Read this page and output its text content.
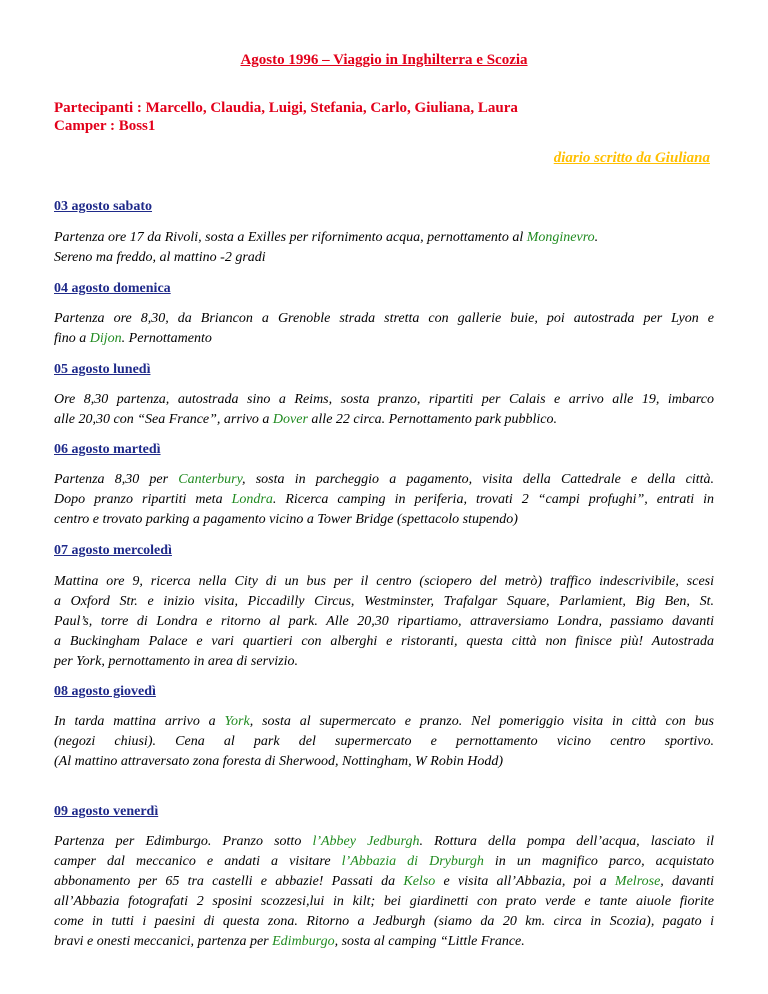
Agosto 1996 – Viaggio in Inghilterra e Scozia
Partecipanti : Marcello, Claudia, Luigi, Stefania, Carlo, Giuliana, Laura
Camper : Boss1
diario scritto da Giuliana
03 agosto sabato
Partenza ore 17 da Rivoli, sosta a Exilles per rifornimento acqua, pernottamento al Monginevro.
Sereno ma freddo, al mattino -2 gradi
04 agosto domenica
Partenza ore 8,30, da Briancon a Grenoble strada stretta con gallerie buie, poi autostrada per Lyon e
fino a Dijon. Pernottamento
05 agosto lunedì
Ore 8,30 partenza, autostrada sino a Reims, sosta pranzo, ripartiti per Calais e arrivo alle 19, imbarco
alle 20,30 con “Sea France”, arrivo a Dover alle 22 circa. Pernottamento park pubblico.
06 agosto martedì
Partenza 8,30 per Canterbury, sosta in parcheggio a pagamento, visita della Cattedrale e della città.
Dopo pranzo ripartiti meta Londra. Ricerca camping in periferia, trovati 2 “campi profughi”, entrati in
centro e trovato parking a pagamento vicino a Tower Bridge (spettacolo stupendo)
07 agosto mercoledì
Mattina ore 9, ricerca nella City di un bus per il centro (sciopero del metrò) traffico indescrivibile, scesi
a Oxford Str. e inizio visita, Piccadilly Circus, Westminster, Trafalgar Square, Parlamient, Big Ben, St.
Paul’s, torre di Londra e ritorno al park. Alle 20,30 ripartiamo, attraversiamo Londra, passiamo davanti
a Buckingham Palace e vari quartieri con alberghi e ristoranti, questa città non finisce più! Autostrada
per York, pernottamento in area di servizio.
08 agosto giovedì
In tarda mattina arrivo a York, sosta al supermercato e pranzo. Nel pomeriggio visita in città con bus
(negozi chiusi). Cena al park del supermercato e pernottamento vicino centro sportivo.
(Al mattino attraversato zona foresta di Sherwood, Nottingham, W Robin Hodd)
09 agosto venerdì
Partenza per Edimburgo. Pranzo sotto l’Abbey Jedburgh. Rottura della pompa dell’acqua, lasciato il
camper dal meccanico e andati a visitare l’Abbazia di Dryburgh in un magnifico parco, acquistato
abbonamento per 65 tra castelli e abbazie! Passati da Kelso e visita all’Abbazia, poi a Melrose, davanti
all’Abbazia fotografati 2 sposini scozzesi,lui in kilt; bei giardinetti con prato verde e tante aiuole fiorite
come in tutti i paesini di questa zona. Ritorno a Jedburgh (siamo da 20 km. circa in Scozia), pagato i
bravi e onesti meccanici, partenza per Edimburgo, sosta al camping “Little France.
